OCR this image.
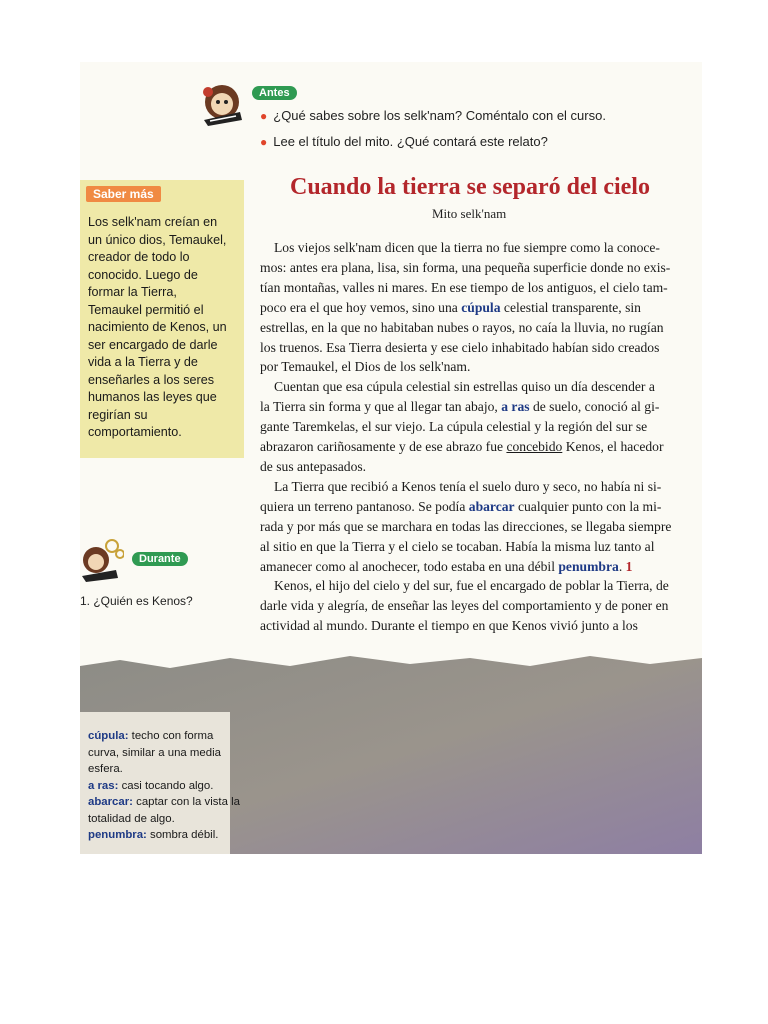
Antes
● ¿Qué sabes sobre los selk'nam? Coméntalo con el curso.
● Lee el título del mito. ¿Qué contará este relato?
Saber más
Los selk'nam creían en
un único dios, Temaukel,
creador de todo lo
conocido. Luego de
formar la Tierra,
Temaukel permitió el
nacimiento de Kenos, un
ser encargado de darle
vida a la Tierra y de
enseñarles a los seres
humanos las leyes que
regirían su
comportamiento.
Durante
1. ¿Quién es Kenos?
Cuando la tierra se separó del cielo
Mito selk'nam
Los viejos selk'nam dicen que la tierra no fue siempre como la conoce-
mos: antes era plana, lisa, sin forma, una pequeña superficie donde no exis-
tían montañas, valles ni mares. En ese tiempo de los antiguos, el cielo tam-
poco era el que hoy vemos, sino una cúpula celestial transparente, sin
estrellas, en la que no habitaban nubes o rayos, no caía la lluvia, no rugían
los truenos. Esa Tierra desierta y ese cielo inhabitado habían sido creados
por Temaukel, el Dios de los selk'nam.
Cuentan que esa cúpula celestial sin estrellas quiso un día descender a
la Tierra sin forma y que al llegar tan abajo, a ras de suelo, conoció al gi-
gante Taremkelas, el sur viejo. La cúpula celestial y la región del sur se
abrazaron cariñosamente y de ese abrazo fue concebido Kenos, el hacedor
de sus antepasados.
La Tierra que recibió a Kenos tenía el suelo duro y seco, no había ni si-
quiera un terreno pantanoso. Se podía abarcar cualquier punto con la mi-
rada y por más que se marchara en todas las direcciones, se llegaba siempre
al sitio en que la Tierra y el cielo se tocaban. Había la misma luz tanto al
amanecer como al anochecer, todo estaba en una débil penumbra. 1
Kenos, el hijo del cielo y del sur, fue el encargado de poblar la Tierra, de
darle vida y alegría, de enseñar las leyes del comportamiento y de poner en
actividad al mundo. Durante el tiempo en que Kenos vivió junto a los
cúpula: techo con forma curva, similar a una media esfera.
a ras: casi tocando algo.
abarcar: captar con la vista la totalidad de algo.
penumbra: sombra débil.
